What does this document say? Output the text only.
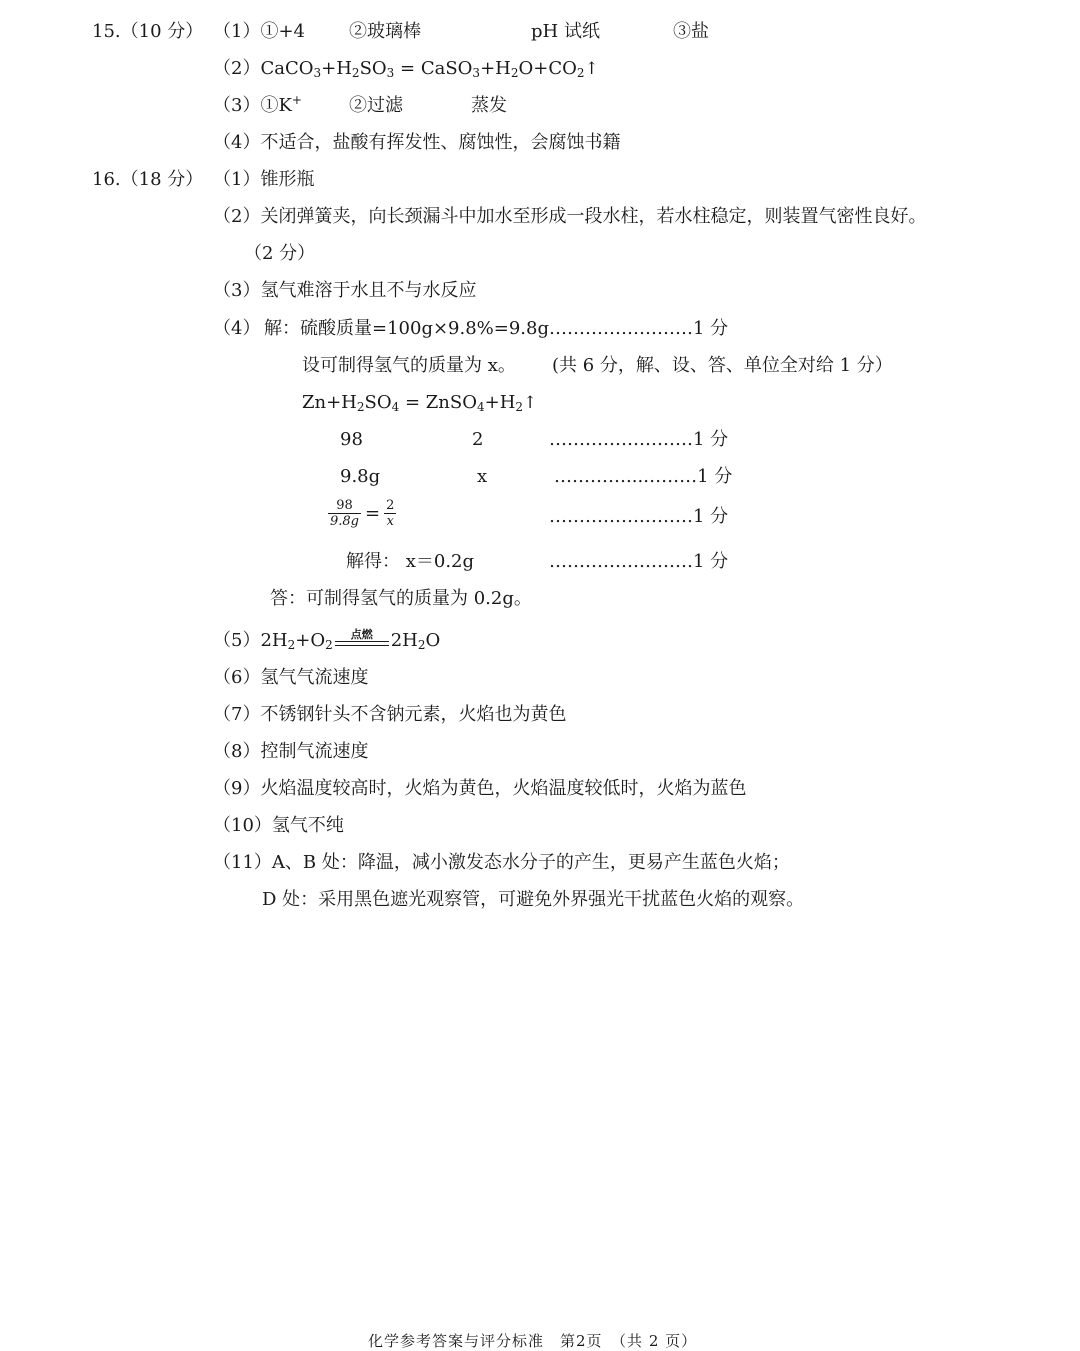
15.（10 分） （1）①+4 ②玻璃棒	pH 试纸	③盐
$(2)CaCO_3+H_2SO_3$ = $CaSO_3+H_2O+CO_2↑$
（3）①K+	②过滤	蒸发
（4）不适合，盐酸有挥发性、腐蚀性，会腐蚀书籍
16.（18 分） （1）锥形瓶
（2）关闭弹簧夹，向长颈漏斗中加水至形成一段水柱，若水柱稳定，则装置气密性良好。
（2 分）
（3）氢气难溶于水且不与水反应
（4） 解：硫酸质量=100g×9.8%=9.8g ……………………1 分
设可制得氢气的质量为 x。 (共 6 分，解、设、答、单位全对给 1 分）
$Zn+H_2SO_4$ = $ZnSO_4+H_2↑$
98	2	……………………1 分
9.8g	x	…………...………1 分
$\frac{98}{9.8g} = \frac{2}{x}$	……………………1 分
解得： x＝0.2g	……………………1 分
答：可制得氢气的质量为 0.2g。
$(5)2H_2+O_2$
点燃	$2H_2O$
（6）氢气气流速度
（7）不锈钢针头不含钠元素，火焰也为黄色
（8）控制气流速度
（9）火焰温度较高时，火焰为黄色，火焰温度较低时，火焰为蓝色
（10）氢气不纯
（11）A、B 处：降温，减小激发态水分子的产生，更易产生蓝色火焰；
D 处：采用黑色遮光观察管，可避免外界强光干扰蓝色火焰的观察。
化学参考答案与评分标准　第2页　（共 2 页）
